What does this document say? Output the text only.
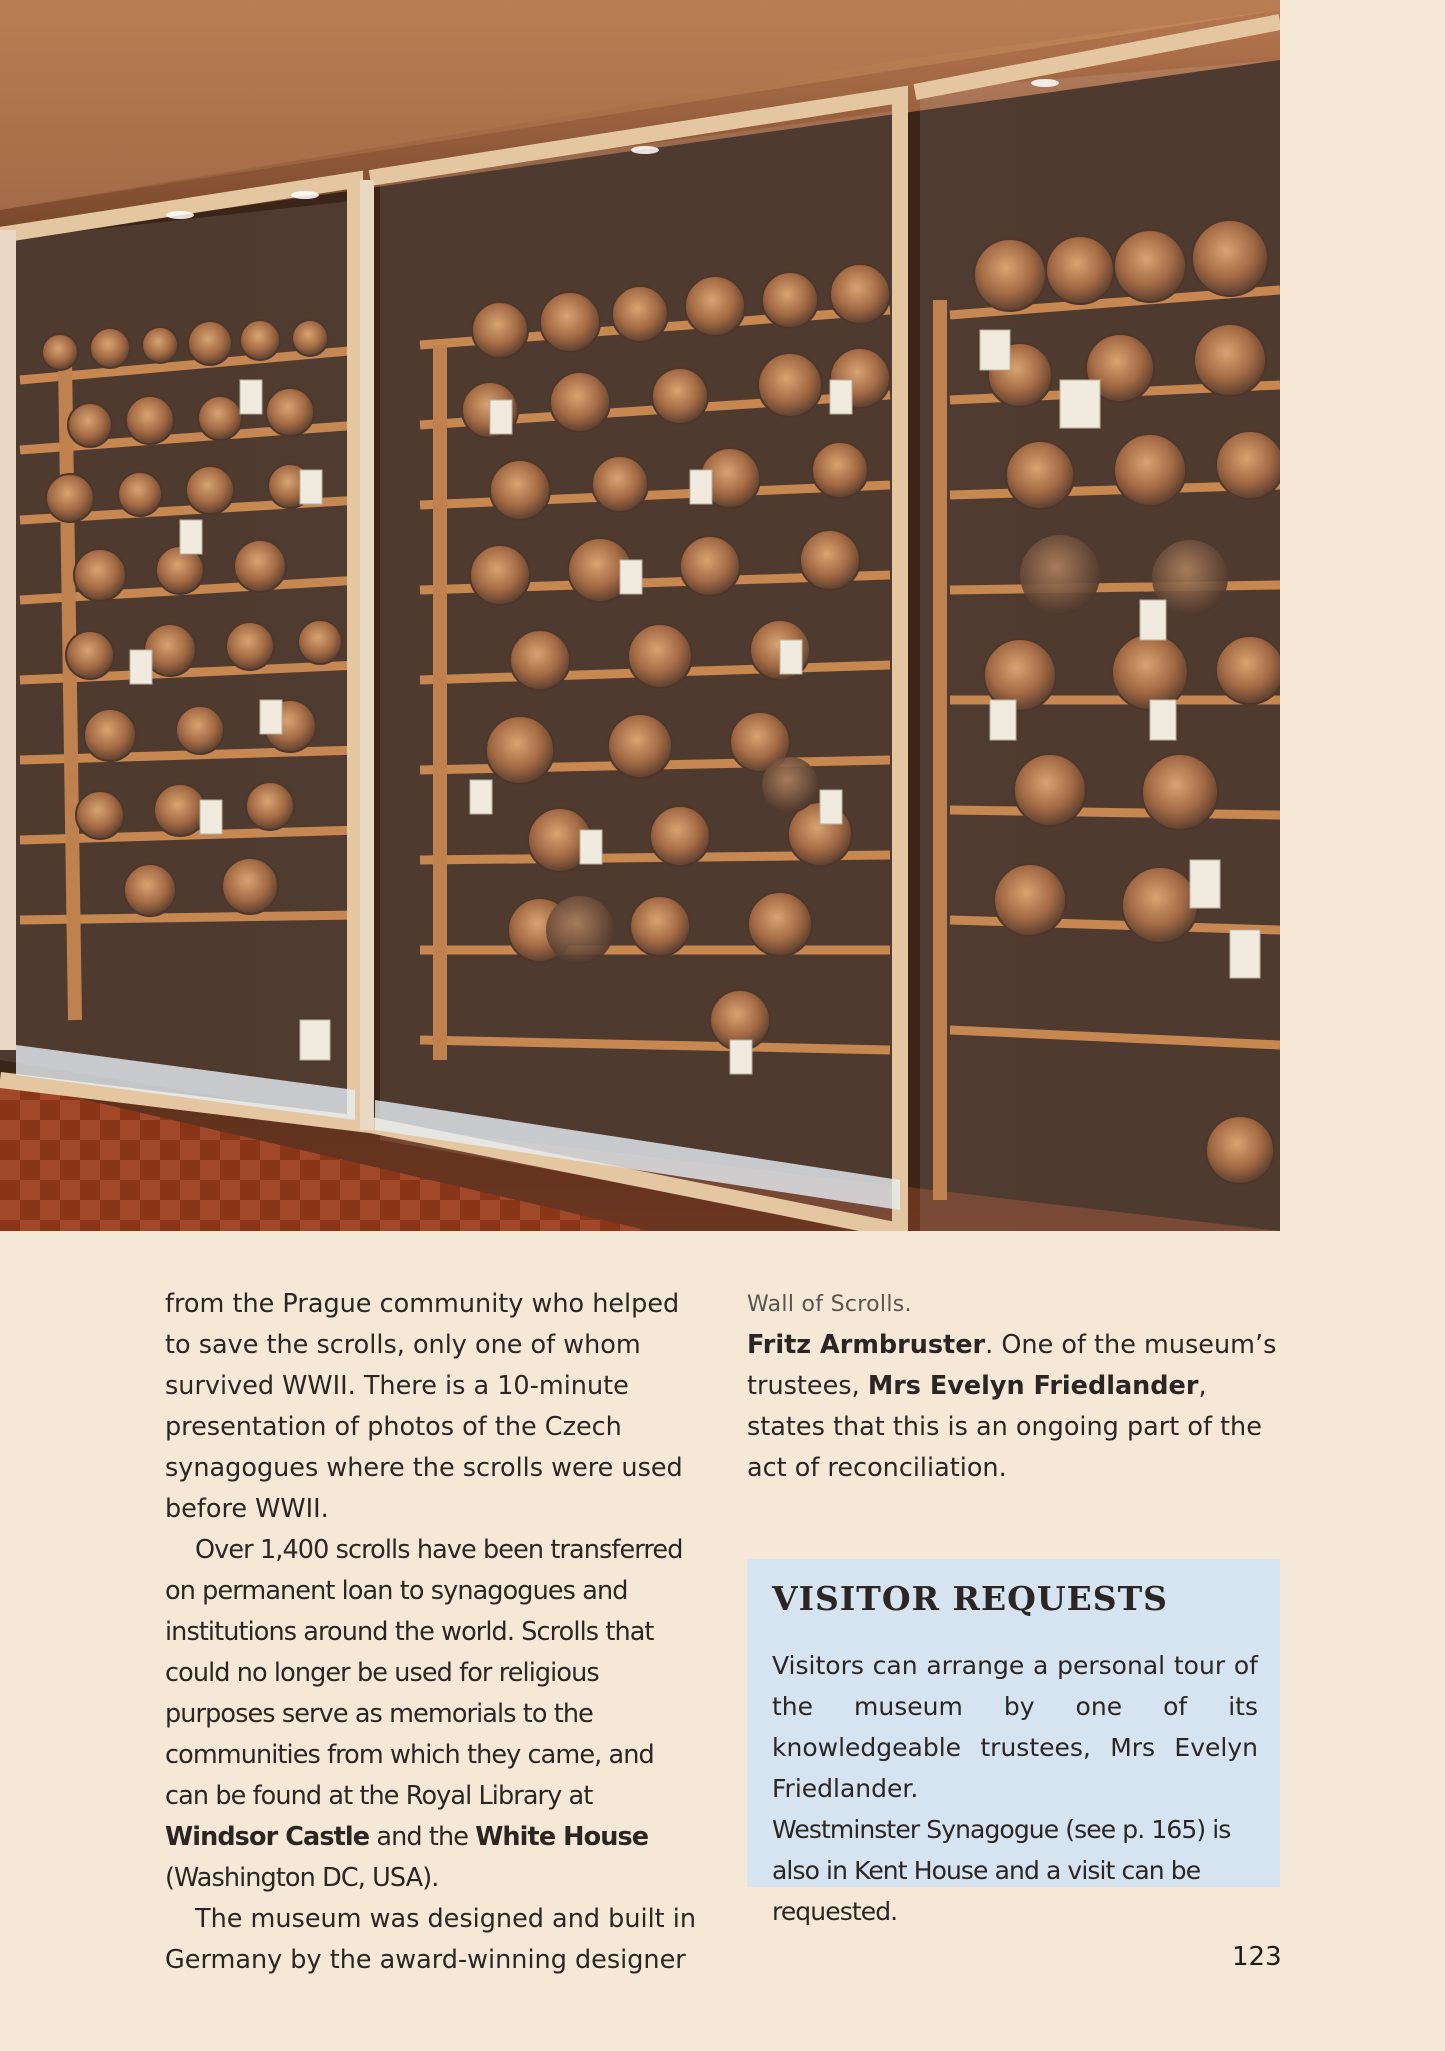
from the Prague community who helped to save the scrolls, only one of whom survived WWII. There is a 10-minute presentation of photos of the Czech synagogues where the scrolls were used before WWII.

Over 1,400 scrolls have been transferred on permanent loan to synagogues and institutions around the world. Scrolls that could no longer be used for religious purposes serve as memorials to the communities from which they came, and can be found at the Royal Library at Windsor Castle and the White House (Washington DC, USA).

The museum was designed and built in Germany by the award-winning designer

Wall of Scrolls.

Fritz Armbruster. One of the museum’s trustees, Mrs Evelyn Friedlander, states that this is an ongoing part of the act of reconciliation.

VISITOR REQUESTS

Visitors can arrange a personal tour of the museum by one of its knowledgeable trustees, Mrs Evelyn Friedlander.

Westminster Synagogue (see p. 165) is also in Kent House and a visit can be requested.

123
